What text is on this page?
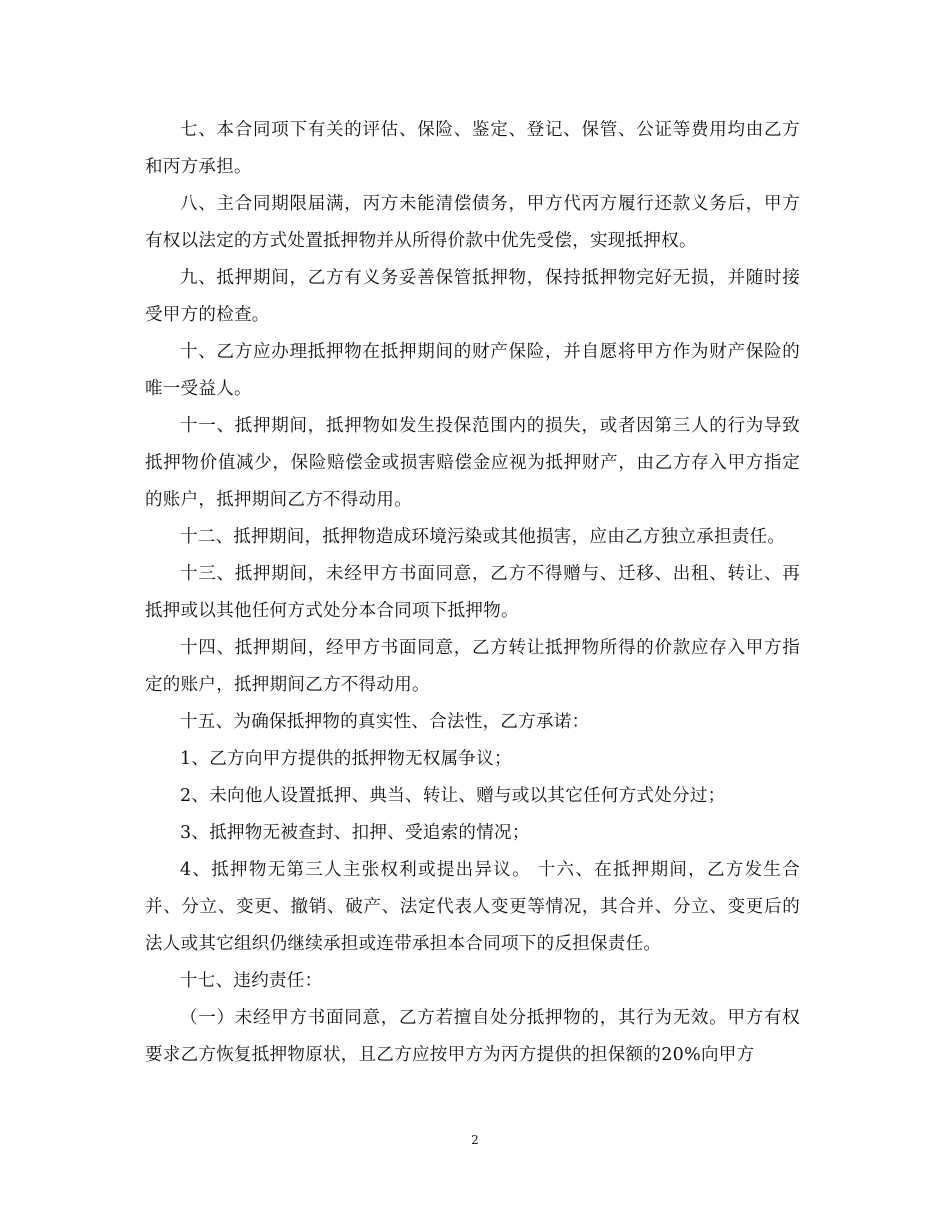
七、本合同项下有关的评估、保险、鉴定、登记、保管、公证等费用均由乙方和丙方承担。

八、主合同期限届满，丙方未能清偿债务，甲方代丙方履行还款义务后，甲方有权以法定的方式处置抵押物并从所得价款中优先受偿，实现抵押权。

九、抵押期间，乙方有义务妥善保管抵押物，保持抵押物完好无损，并随时接受甲方的检查。

十、乙方应办理抵押物在抵押期间的财产保险，并自愿将甲方作为财产保险的唯一受益人。

十一、抵押期间，抵押物如发生投保范围内的损失，或者因第三人的行为导致抵押物价值减少，保险赔偿金或损害赔偿金应视为抵押财产，由乙方存入甲方指定的账户，抵押期间乙方不得动用。

十二、抵押期间，抵押物造成环境污染或其他损害，应由乙方独立承担责任。

十三、抵押期间，未经甲方书面同意，乙方不得赠与、迁移、出租、转让、再抵押或以其他任何方式处分本合同项下抵押物。

十四、抵押期间，经甲方书面同意，乙方转让抵押物所得的价款应存入甲方指定的账户，抵押期间乙方不得动用。

十五、为确保抵押物的真实性、合法性，乙方承诺：

1、乙方向甲方提供的抵押物无权属争议；

2、未向他人设置抵押、典当、转让、赠与或以其它任何方式处分过；

3、抵押物无被查封、扣押、受追索的情况；

4、抵押物无第三人主张权利或提出异议。 十六、在抵押期间，乙方发生合并、分立、变更、撤销、破产、法定代表人变更等情况，其合并、分立、变更后的法人或其它组织仍继续承担或连带承担本合同项下的反担保责任。

十七、违约责任：

（一）未经甲方书面同意，乙方若擅自处分抵押物的，其行为无效。甲方有权要求乙方恢复抵押物原状，且乙方应按甲方为丙方提供的担保额的20%向甲方

2
